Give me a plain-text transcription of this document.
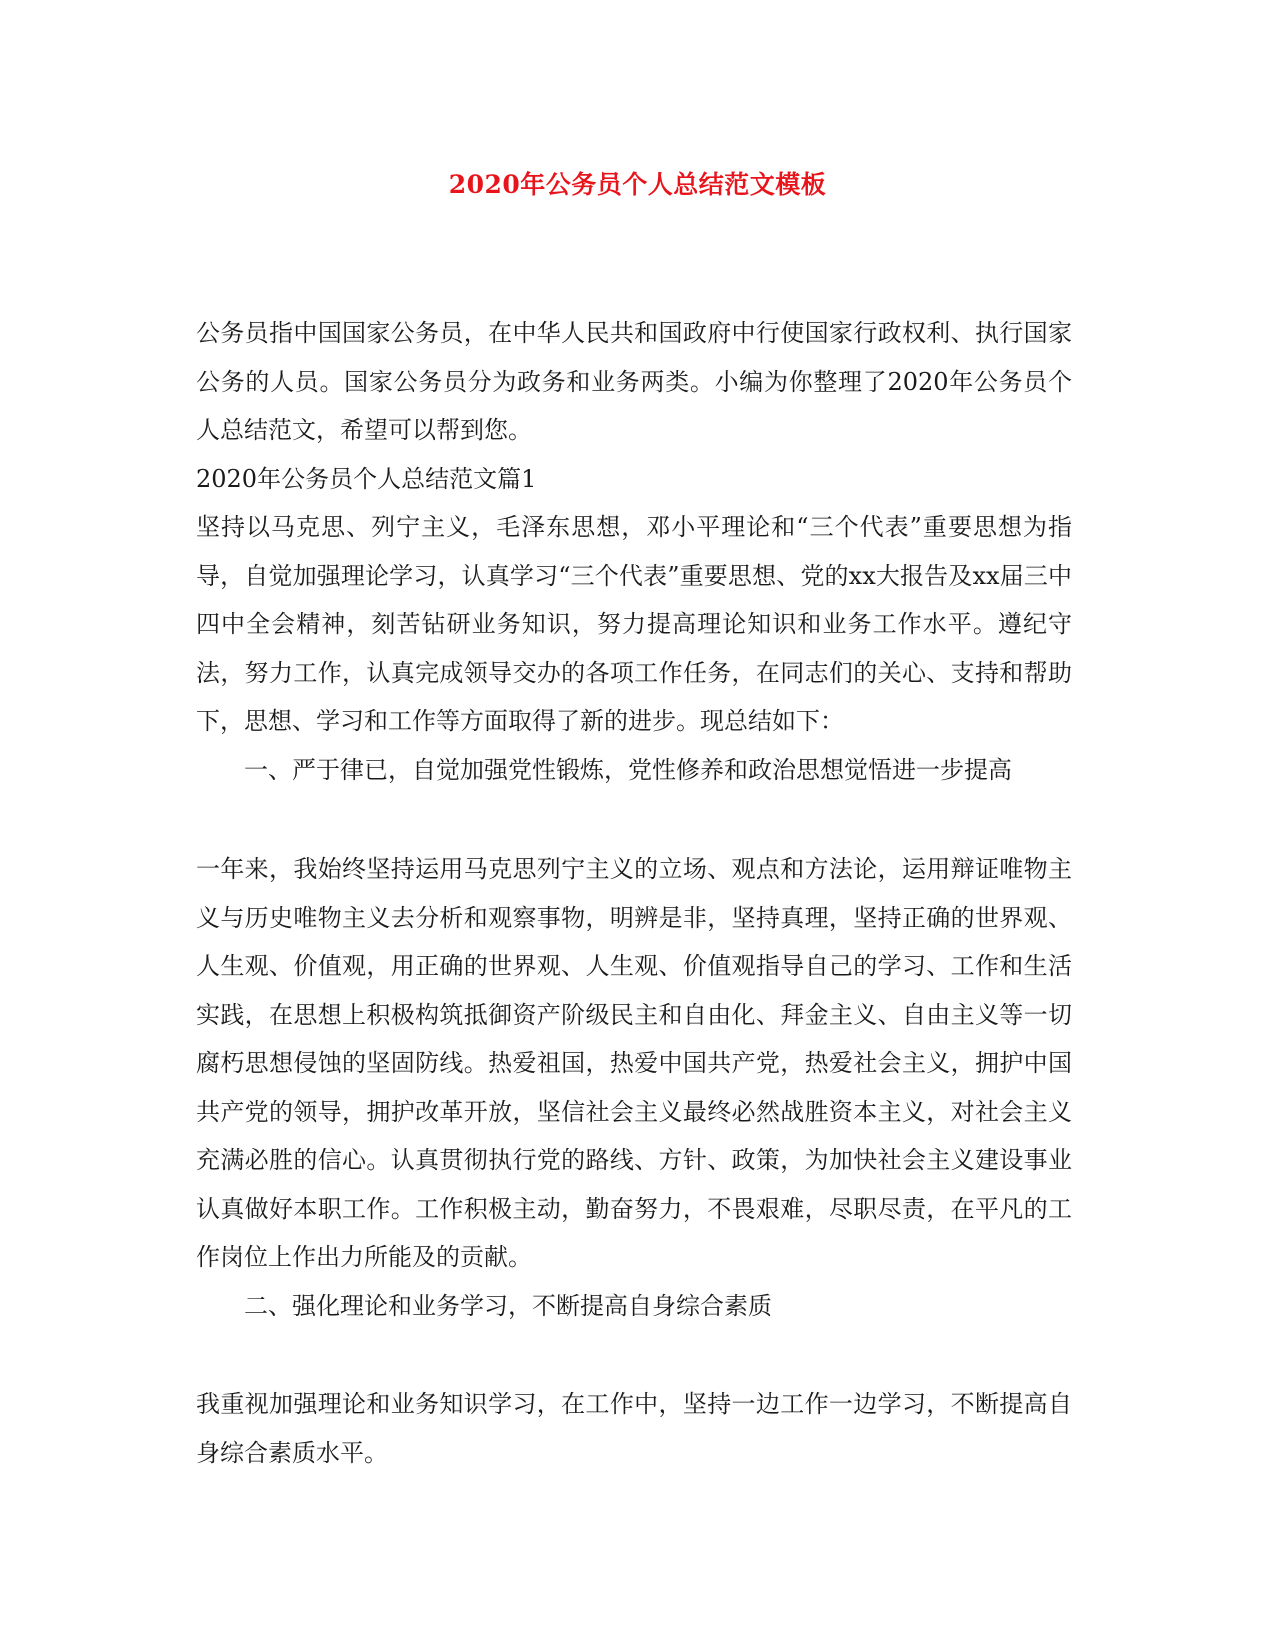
2020年公务员个人总结范文模板

公务员指中国国家公务员，在中华人民共和国政府中行使国家行政权利、执行国家公务的人员。国家公务员分为政务和业务两类。小编为你整理了2020年公务员个人总结范文，希望可以帮到您。

2020年公务员个人总结范文篇1

坚持以马克思、列宁主义，毛泽东思想，邓小平理论和“三个代表”重要思想为指导，自觉加强理论学习，认真学习“三个代表”重要思想、党的xx大报告及xx届三中四中全会精神，刻苦钻研业务知识，努力提高理论知识和业务工作水平。遵纪守法，努力工作，认真完成领导交办的各项工作任务，在同志们的关心、支持和帮助下，思想、学习和工作等方面取得了新的进步。现总结如下：

一、严于律已，自觉加强党性锻炼，党性修养和政治思想觉悟进一步提高

一年来，我始终坚持运用马克思列宁主义的立场、观点和方法论，运用辩证唯物主义与历史唯物主义去分析和观察事物，明辨是非，坚持真理，坚持正确的世界观、人生观、价值观，用正确的世界观、人生观、价值观指导自己的学习、工作和生活实践，在思想上积极构筑抵御资产阶级民主和自由化、拜金主义、自由主义等一切腐朽思想侵蚀的坚固防线。热爱祖国，热爱中国共产党，热爱社会主义，拥护中国共产党的领导，拥护改革开放，坚信社会主义最终必然战胜资本主义，对社会主义充满必胜的信心。认真贯彻执行党的路线、方针、政策，为加快社会主义建设事业认真做好本职工作。工作积极主动，勤奋努力，不畏艰难，尽职尽责，在平凡的工作岗位上作出力所能及的贡献。

二、强化理论和业务学习，不断提高自身综合素质

我重视加强理论和业务知识学习，在工作中，坚持一边工作一边学习，不断提高自身综合素质水平。
